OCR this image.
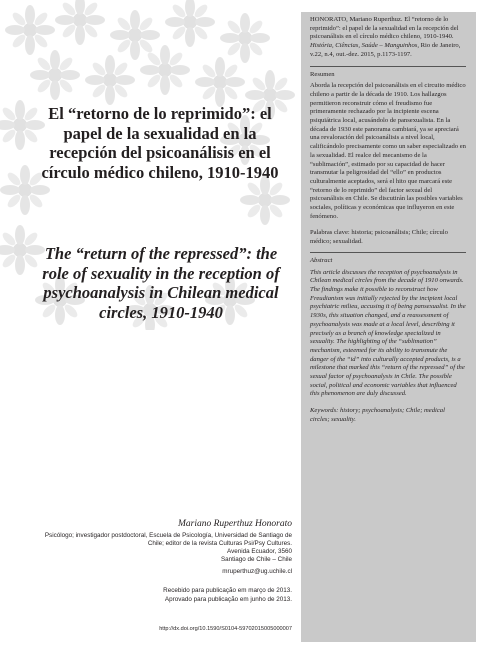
El “retorno de lo reprimido”: el papel de la sexualidad en la recepción del psicoanálisis en el círculo médico chileno, 1910-1940
The “return of the repressed”: the role of sexuality in the reception of psychoanalysis in Chilean medical circles, 1910-1940
Mariano Ruperthuz Honorato
Psicólogo; investigador postdoctoral, Escuela de Psicología, Universidad de Santiago de Chile; editor de la revista Culturas Psi/Psy Cultures.
Avenida Ecuador, 3560
Santiago de Chile – Chile
mruperthuz@ug.uchile.cl
Recebido para publicação em março de 2013.
Aprovado para publicação em junho de 2013.
http://dx.doi.org/10.1590/S0104-59702015005000007

HONORATO, Mariano Ruperthuz. El “retorno de lo reprimido”: el papel de la sexualidad en la recepción del psicoanálisis en el círculo médico chileno, 1910-1940. História, Ciências, Saúde – Manguinhos, Rio de Janeiro, v.22, n.4, out.-dez. 2015, p.1173-1197.

Resumen

Aborda la recepción del psicoanálisis en el circuito médico chileno a partir de la década de 1910. Los hallazgos permitieron reconstruir cómo el freudismo fue primeramente rechazado por la incipiente escena psiquiátrica local, acusándolo de pansexualista. En la década de 1930 este panorama cambiará, ya se apreciará una revaloración del psicoanálisis a nivel local, calificándolo precisamente como un saber especializado en la sexualidad. El realce del mecanismo de la “sublimación”, estimado por su capacidad de hacer transmutar la peligrosidad del “ello” en productos culturalmente aceptados, será el hito que marcará este “retorno de lo reprimido” del factor sexual del psicoanálisis en Chile. Se discutirán las posibles variables sociales, políticas y económicas que influyeron en este fenómeno.

Palabras clave: historia; psicoanálisis; Chile; círculo médico; sexualidad.

Abstract

This article discusses the reception of psychoanalysis in Chilean medical circles from the decade of 1910 onwards. The findings make it possible to reconstruct how Freudianism was initially rejected by the incipient local psychiatric milieu, accusing it of being pansexualist. In the 1930s, this situation changed, and a reassessment of psychoanalysis was made at a local level, describing it precisely as a branch of knowledge specialized in sexuality. The highlighting of the “sublimation” mechanism, esteemed for its ability to transmute the danger of the “id” into culturally accepted products, is a milestone that marked this “return of the repressed” of the sexual factor of psychoanalysis in Chile. The possible social, political and economic variables that influenced this phenomenon are duly discussed.

Keywords: history; psychoanalysis; Chile; medical circles; sexuality.
